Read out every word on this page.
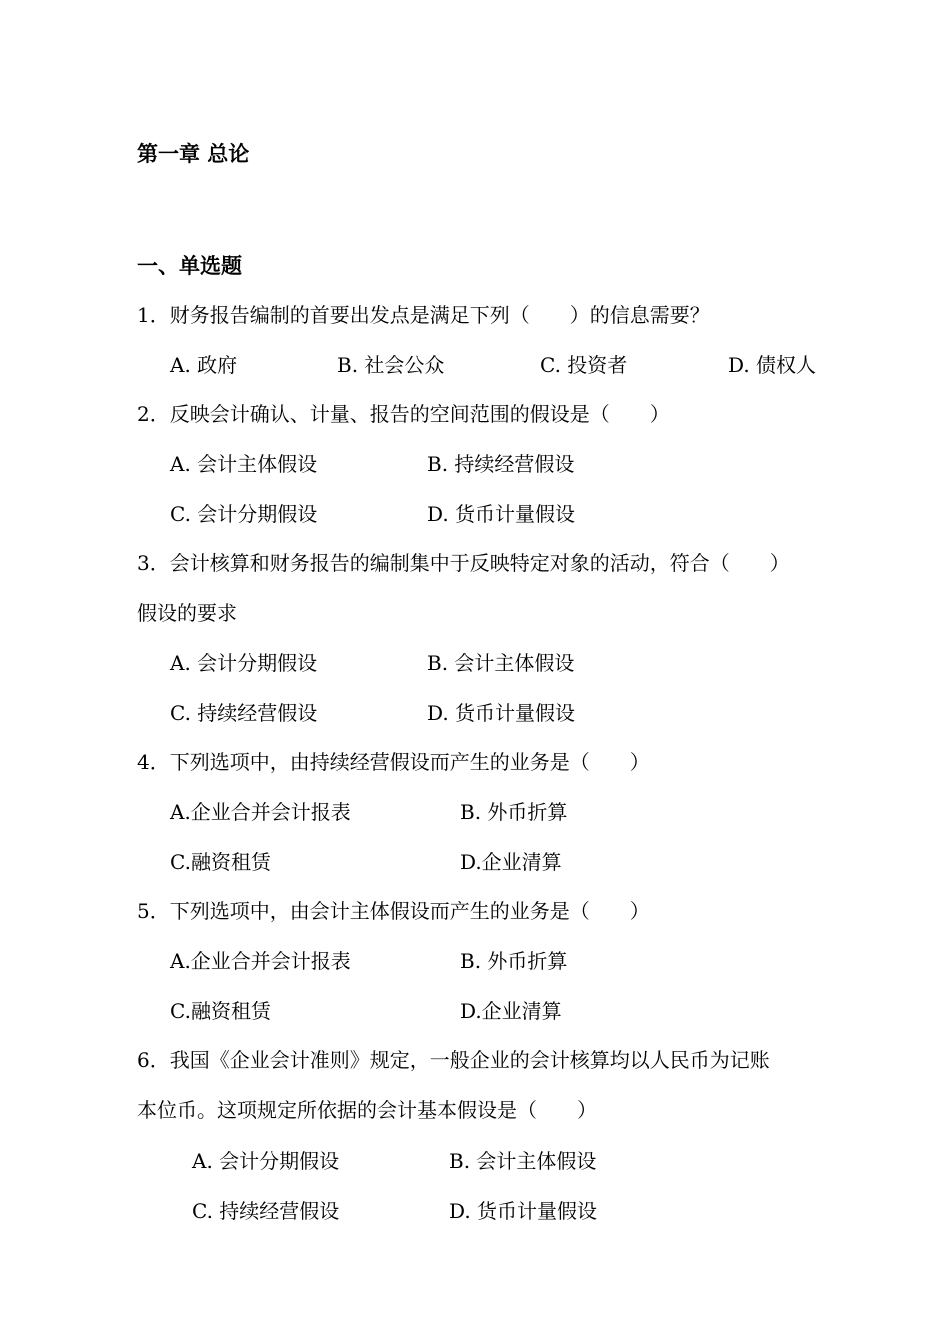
第一章 总论
一、单选题
1．财务报告编制的首要出发点是满足下列（　　）的信息需要？
A. 政府	B. 社会公众	C. 投资者	D. 债权人
2．反映会计确认、计量、报告的空间范围的假设是（　　）
A. 会计主体假设	B. 持续经营假设
C. 会计分期假设	D. 货币计量假设
3．会计核算和财务报告的编制集中于反映特定对象的活动，符合（　　）
假设的要求
A. 会计分期假设	B. 会计主体假设
C. 持续经营假设	D. 货币计量假设
4．下列选项中，由持续经营假设而产生的业务是（　　）
A.企业合并会计报表	B. 外币折算
C.融资租赁	D.企业清算
5．下列选项中，由会计主体假设而产生的业务是（　　）
A.企业合并会计报表	B. 外币折算
C.融资租赁	D.企业清算
6．我国《企业会计准则》规定，一般企业的会计核算均以人民币为记账
本位币。这项规定所依据的会计基本假设是（　　）
A. 会计分期假设	B. 会计主体假设
C. 持续经营假设	D. 货币计量假设
